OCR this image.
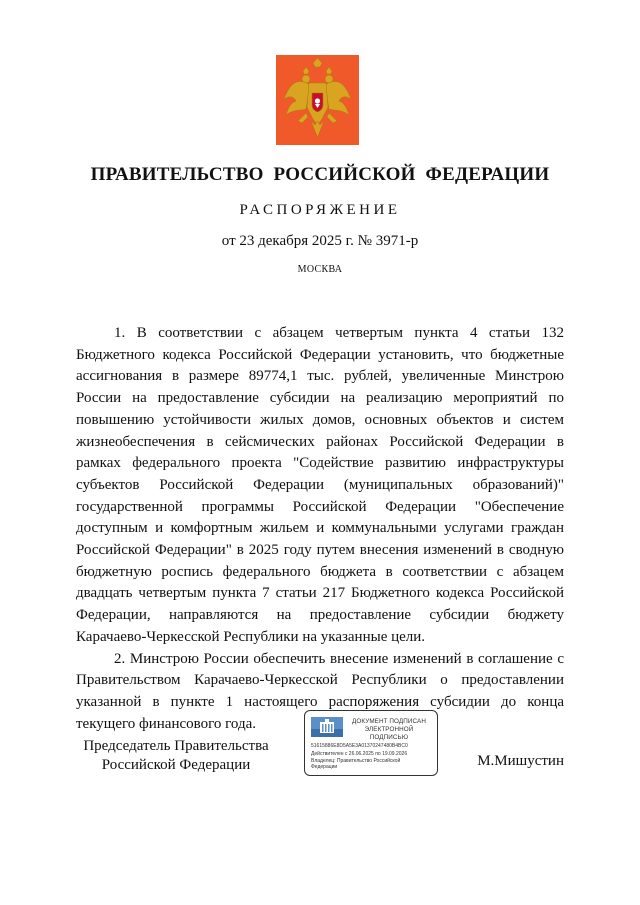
ПРАВИТЕЛЬСТВО РОССИЙСКОЙ ФЕДЕРАЦИИ
РАСПОРЯЖЕНИЕ
от 23 декабря 2025 г. № 3971-р
МОСКВА

1. В соответствии с абзацем четвертым пункта 4 статьи 132 Бюджетного кодекса Российской Федерации установить, что бюджетные ассигнования в размере 89774,1 тыс. рублей, увеличенные Минстрою России на предоставление субсидии на реализацию мероприятий по повышению устойчивости жилых домов, основных объектов и систем жизнеобеспечения в сейсмических районах Российской Федерации в рамках федерального проекта "Содействие развитию инфраструктуры субъектов Российской Федерации (муниципальных образований)" государственной программы Российской Федерации "Обеспечение доступным и комфортным жильем и коммунальными услугами граждан Российской Федерации" в 2025 году путем внесения изменений в сводную бюджетную роспись федерального бюджета в соответствии с абзацем двадцать четвертым пункта 7 статьи 217 Бюджетного кодекса Российской Федерации, направляются на предоставление субсидии бюджету Карачаево-Черкесской Республики на указанные цели.

2. Минстрою России обеспечить внесение изменений в соглашение с Правительством Карачаево-Черкесской Республики о предоставлении указанной в пункте 1 настоящего распоряжения субсидии до конца текущего финансового года.

Председатель Правительства
Российской Федерации
ДОКУМЕНТ ПОДПИСАН
ЭЛЕКТРОННОЙ ПОДПИСЬЮ
51615886E8D5A5E3A01370247480B4BC0
Действителен с 26.06.2025 по 19.09.2026
Владелец: Правительство Российской
Федерации	М.Мишустин
